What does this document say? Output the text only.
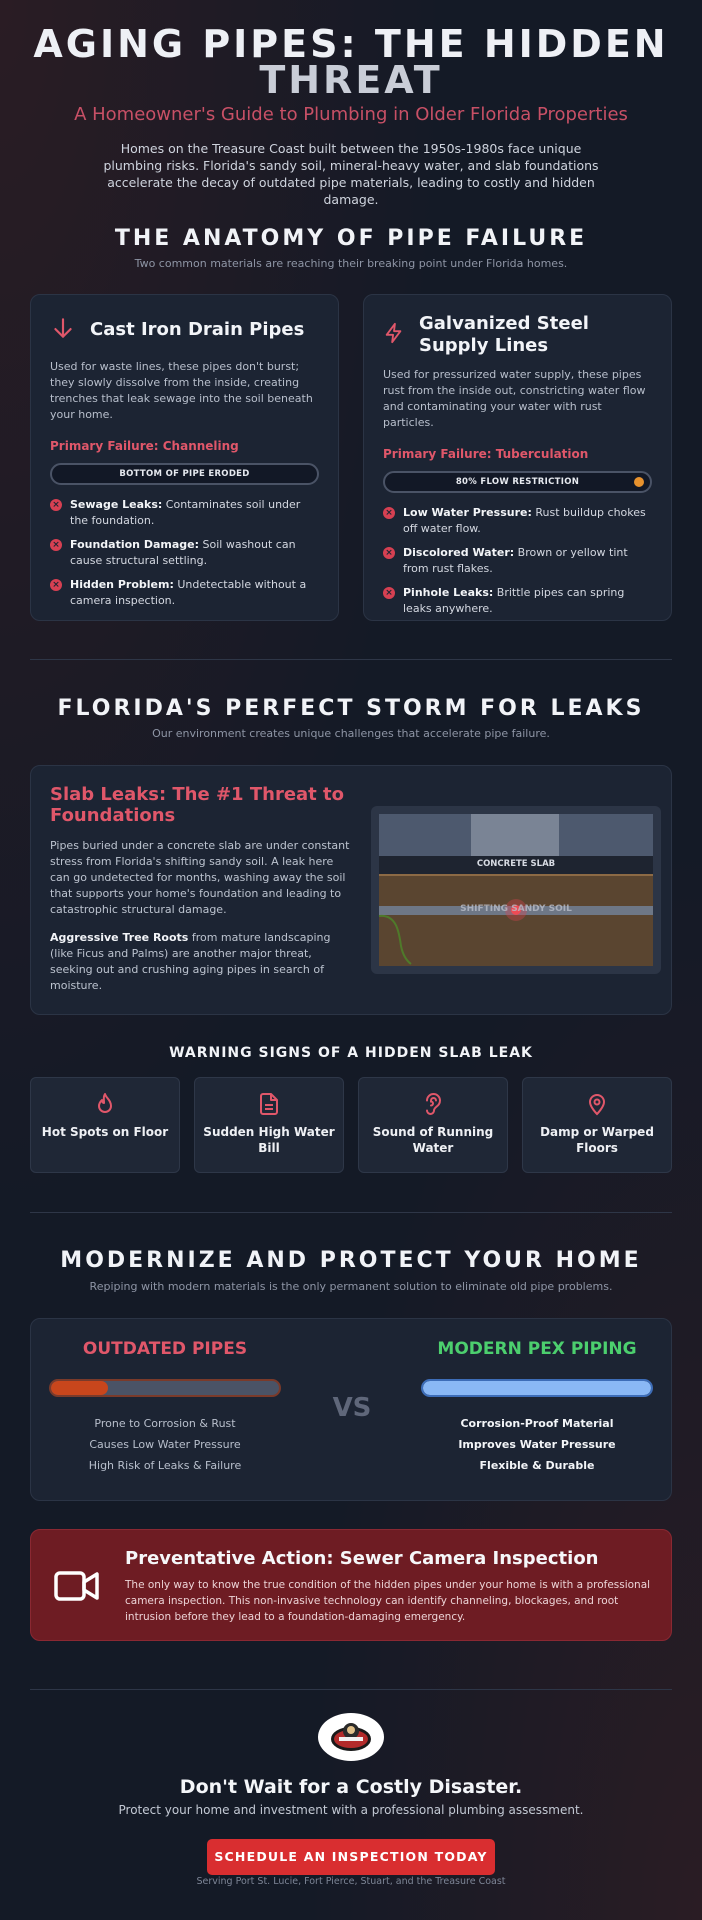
AGING PIPES: THE HIDDEN
THREAT
A Homeowner's Guide to Plumbing in Older Florida Properties

Homes on the Treasure Coast built between the 1950s-1980s face unique plumbing risks. Florida's sandy soil, mineral-heavy water, and slab foundations accelerate the decay of outdated pipe materials, leading to costly and hidden damage.

THE ANATOMY OF PIPE FAILURE
Two common materials are reaching their breaking point under Florida homes.
Cast Iron Drain Pipes

Used for waste lines, these pipes don't burst; they slowly dissolve from the inside, creating trenches that leak sewage into the soil beneath your home.

Primary Failure: Channeling
BOTTOM OF PIPE ERODED
× Sewage Leaks: Contaminates soil under the foundation.
× Foundation Damage: Soil washout can cause structural settling.
× Hidden Problem: Undetectable without a camera inspection.
Galvanized Steel
Supply Lines

Used for pressurized water supply, these pipes rust from the inside out, constricting water flow and contaminating your water with rust particles.

Primary Failure: Tuberculation
80% FLOW RESTRICTION
× Low Water Pressure: Rust buildup chokes off water flow.
× Discolored Water: Brown or yellow tint from rust flakes.
× Pinhole Leaks: Brittle pipes can spring leaks anywhere.
FLORIDA'S PERFECT STORM FOR LEAKS
Our environment creates unique challenges that accelerate pipe failure.
Slab Leaks: The #1 Threat to Foundations

Pipes buried under a concrete slab are under constant stress from Florida's shifting sandy soil. A leak here can go undetected for months, washing away the soil that supports your home's foundation and leading to catastrophic structural damage.

Aggressive Tree Roots from mature landscaping (like Ficus and Palms) are another major threat, seeking out and crushing aging pipes in search of moisture.

CONCRETE SLAB
SHIFTING SANDY SOIL
WARNING SIGNS OF A HIDDEN SLAB LEAK
Hot Spots on Floor	Sudden High Water Bill
Sound of Running Water
Damp or Warped Floors
MODERNIZE AND PROTECT YOUR HOME
Repiping with modern materials is the only permanent solution to eliminate old pipe problems.
OUTDATED PIPES
Prone to Corrosion & Rust
Causes Low Water Pressure
High Risk of Leaks & Failure
VS
MODERN PEX PIPING
Corrosion-Proof Material
Improves Water Pressure
Flexible & Durable
Preventative Action: Sewer Camera Inspection

The only way to know the true condition of the hidden pipes under your home is with a professional camera inspection. This non-invasive technology can identify channeling, blockages, and root intrusion before they lead to a foundation-damaging emergency.

Don't Wait for a Costly Disaster.
Protect your home and investment with a professional plumbing assessment.
SCHEDULE AN INSPECTION TODAY
Serving Port St. Lucie, Fort Pierce, Stuart, and the Treasure Coast
